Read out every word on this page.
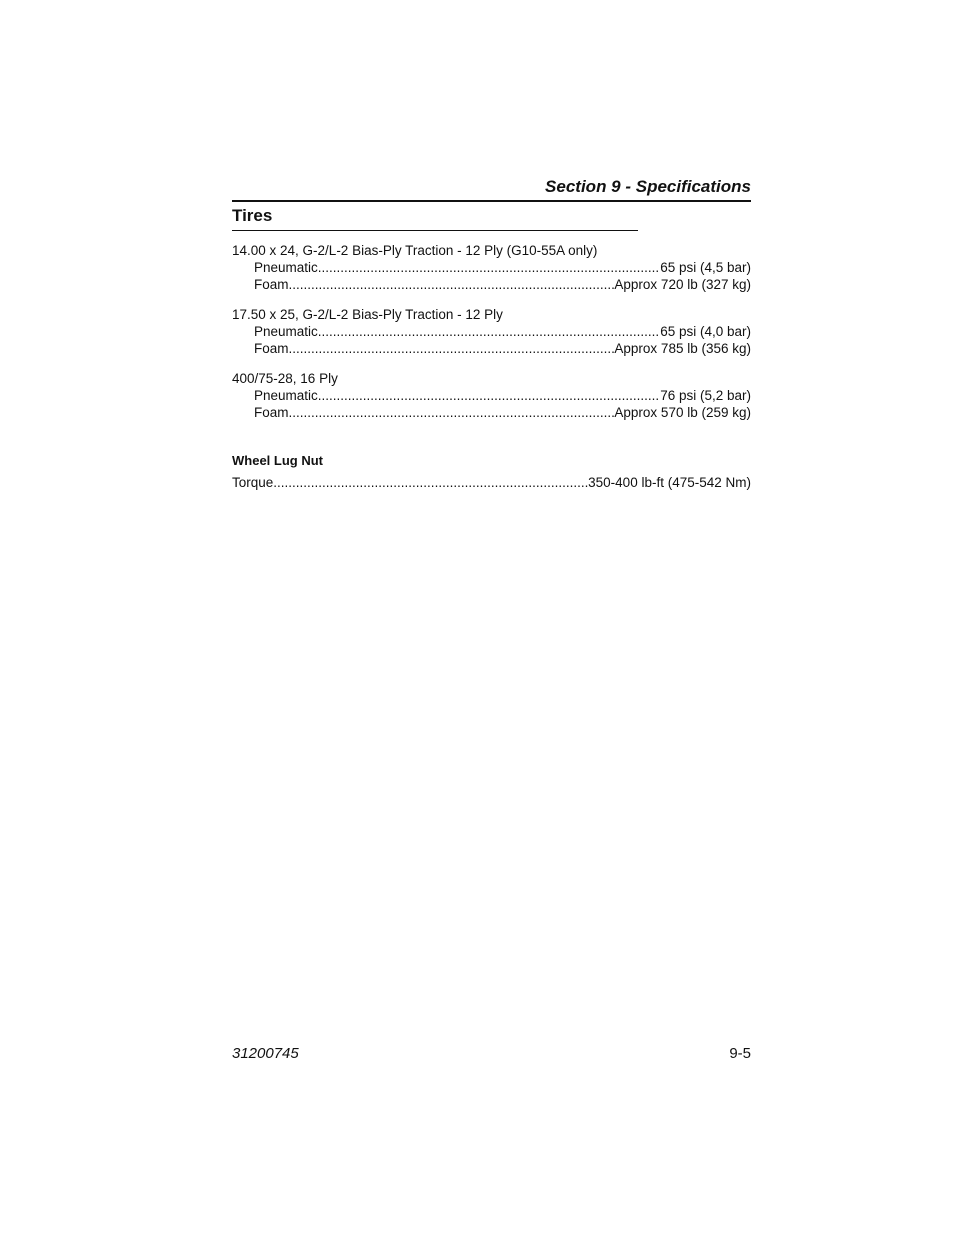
Section 9 - Specifications
Tires
14.00 x 24, G-2/L-2 Bias-Ply Traction - 12 Ply (G10-55A only)
Pneumatic .....	65 psi (4,5 bar)
Foam .....	Approx 720 lb (327 kg)
17.50 x 25, G-2/L-2 Bias-Ply Traction - 12 Ply
Pneumatic .....	65 psi (4,0 bar)
Foam .....	Approx 785 lb (356 kg)
400/75-28, 16 Ply
Pneumatic .....	76 psi (5,2 bar)
Foam .....	Approx 570 lb (259 kg)
Wheel Lug Nut
Torque .....	350-400 lb-ft (475-542 Nm)
31200745	9-5
